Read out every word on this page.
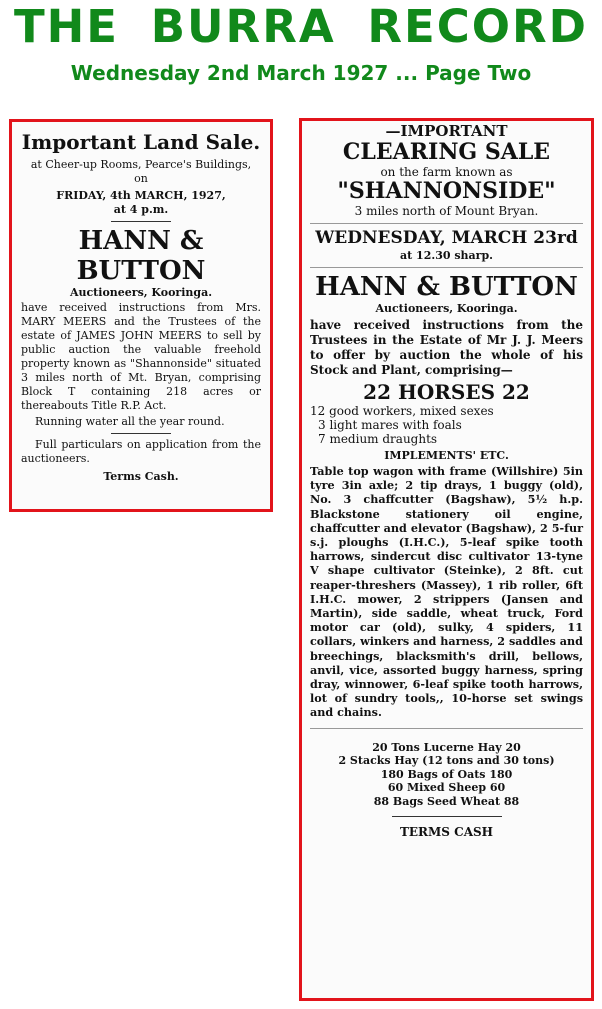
THE BURRA RECORD
Wednesday 2nd March 1927 ... Page Two
Important Land Sale.
at Cheer-up Rooms, Pearce's Buildings, on
FRIDAY, 4th MARCH, 1927,
at 4 p.m.
HANN & BUTTON
Auctioneers, Kooringa.
have received instructions from Mrs. MARY MEERS and the Trustees of the estate of JAMES JOHN MEERS to sell by public auction the valuable freehold property known as "Shannonside" situated 3 miles north of Mt. Bryan, comprising Block T containing 218 acres or thereabouts Title R.P. Act.
Running water all the year round.
Full particulars on application from the auctioneers.
Terms Cash.
—IMPORTANT
CLEARING SALE
on the farm known as
"SHANNONSIDE"
3 miles north of Mount Bryan.
WEDNESDAY, MARCH 23rd
at 12.30 sharp.
HANN & BUTTON
Auctioneers, Kooringa.
have received instructions from the Trustees in the Estate of Mr J. J. Meers to offer by auction the whole of his Stock and Plant, comprising—
22 HORSES 22
12 good workers, mixed sexes
3 light mares with foals
7 medium draughts
IMPLEMENTS' ETC.
Table top wagon with frame (Willshire) 5in tyre 3in axle; 2 tip drays, 1 buggy (old), No. 3 chaffcutter (Bagshaw), 5½ h.p. Blackstone stationery oil engine, chaffcutter and elevator (Bagshaw), 2 5-fur s.j. ploughs (I.H.C.), 5-leaf spike tooth harrows, sindercut disc cultivator 13-tyne V shape cultivator (Steinke), 2 8ft. cut reaper-threshers (Massey), 1 rib roller, 6ft I.H.C. mower, 2 strippers (Jansen and Martin), side saddle, wheat truck, Ford motor car (old), sulky, 4 spiders, 11 collars, winkers and harness, 2 saddles and breechings, blacksmith's drill, bellows, anvil, vice, assorted buggy harness, spring dray, winnower, 6-leaf spike tooth harrows, lot of sundry tools,, 10-horse set swings and chains.
20 Tons Lucerne Hay 20
2 Stacks Hay (12 tons and 30 tons)
180 Bags of Oats 180
60 Mixed Sheep 60
88 Bags Seed Wheat 88
TERMS CASH
